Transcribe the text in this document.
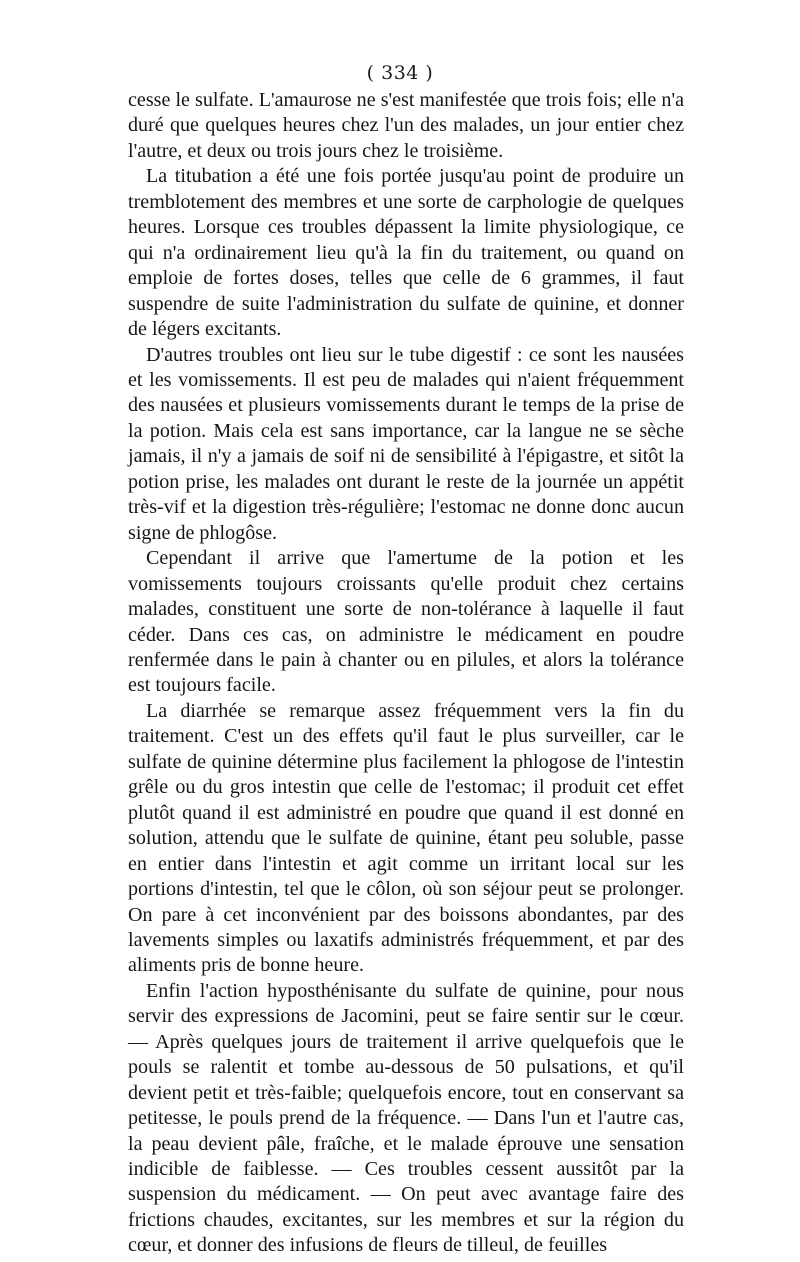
( 334 )

cesse le sulfate. L'amaurose ne s'est manifestée que trois fois; elle n'a duré que quelques heures chez l'un des malades, un jour entier chez l'autre, et deux ou trois jours chez le troisième.

La titubation a été une fois portée jusqu'au point de produire un tremblotement des membres et une sorte de carphologie de quelques heures. Lorsque ces troubles dépassent la limite physiologique, ce qui n'a ordinairement lieu qu'à la fin du traitement, ou quand on emploie de fortes doses, telles que celle de 6 grammes, il faut suspendre de suite l'administration du sulfate de quinine, et donner de légers excitants.

D'autres troubles ont lieu sur le tube digestif : ce sont les nausées et les vomissements. Il est peu de malades qui n'aient fréquemment des nausées et plusieurs vomissements durant le temps de la prise de la potion. Mais cela est sans importance, car la langue ne se sèche jamais, il n'y a jamais de soif ni de sensibilité à l'épigastre, et sitôt la potion prise, les malades ont durant le reste de la journée un appétit très-vif et la digestion très-régulière; l'estomac ne donne donc aucun signe de phlogôse.

Cependant il arrive que l'amertume de la potion et les vomissements toujours croissants qu'elle produit chez certains malades, constituent une sorte de non-tolérance à laquelle il faut céder. Dans ces cas, on administre le médicament en poudre renfermée dans le pain à chanter ou en pilules, et alors la tolérance est toujours facile.

La diarrhée se remarque assez fréquemment vers la fin du traitement. C'est un des effets qu'il faut le plus surveiller, car le sulfate de quinine détermine plus facilement la phlogose de l'intestin grêle ou du gros intestin que celle de l'estomac; il produit cet effet plutôt quand il est administré en poudre que quand il est donné en solution, attendu que le sulfate de quinine, étant peu soluble, passe en entier dans l'intestin et agit comme un irritant local sur les portions d'intestin, tel que le côlon, où son séjour peut se prolonger. On pare à cet inconvénient par des boissons abondantes, par des lavements simples ou laxatifs administrés fréquemment, et par des aliments pris de bonne heure.

Enfin l'action hyposthénisante du sulfate de quinine, pour nous servir des expressions de Jacomini, peut se faire sentir sur le cœur. — Après quelques jours de traitement il arrive quelquefois que le pouls se ralentit et tombe au-dessous de 50 pulsations, et qu'il devient petit et très-faible; quelquefois encore, tout en conservant sa petitesse, le pouls prend de la fréquence. — Dans l'un et l'autre cas, la peau devient pâle, fraîche, et le malade éprouve une sensation indicible de faiblesse. — Ces troubles cessent aussitôt par la suspension du médicament. — On peut avec avantage faire des frictions chaudes, excitantes, sur les membres et sur la région du cœur, et donner des infusions de fleurs de tilleul, de feuilles
